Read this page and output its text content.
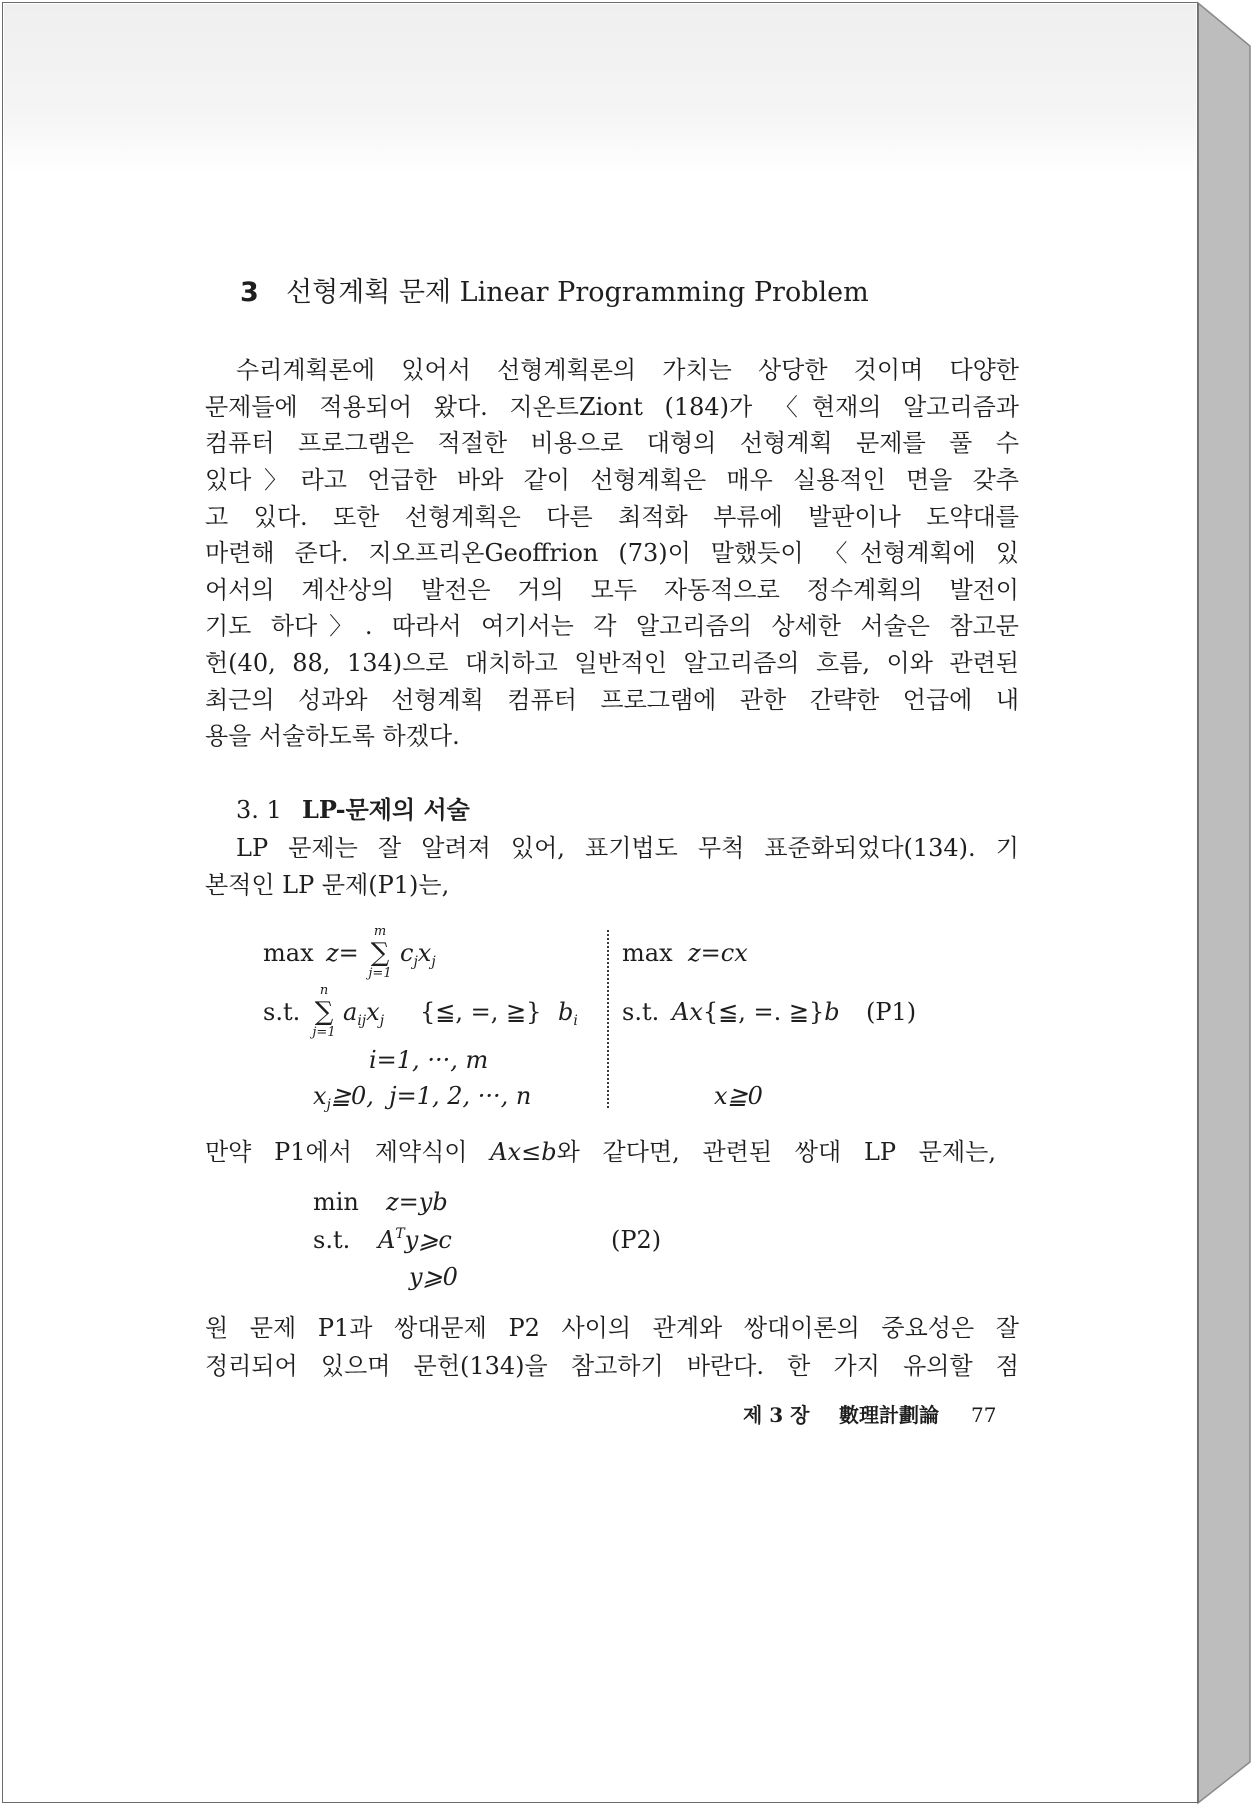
3 선형계획 문제 Linear Programming Problem
수리계획론에 있어서 선형계획론의 가치는 상당한 것이며 다양한
문제들에 적용되어 왔다. 지온트Ziont (184)가 〈현재의 알고리즘과
컴퓨터 프로그램은 적절한 비용으로 대형의 선형계획 문제를 풀 수
있다〉라고 언급한 바와 같이 선형계획은 매우 실용적인 면을 갖추
고 있다. 또한 선형계획은 다른 최적화 부류에 발판이나 도약대를
마련해 준다. 지오프리온Geoffrion (73)이 말했듯이 〈선형계획에 있
어서의 계산상의 발전은 거의 모두 자동적으로 정수계획의 발전이
기도 하다〉. 따라서 여기서는 각 알고리즘의 상세한 서술은 참고문
헌(40, 88, 134)으로 대치하고 일반적인 알고리즘의 흐름, 이와 관련된
최근의 성과와 선형계획 컴퓨터 프로그램에 관한 간략한 언급에 내
용을 서술하도록 하겠다.
3. 1 LP-문제의 서술
LP 문제는 잘 알려져 있어, 표기법도 무척 표준화되었다(134). 기
본적인 LP 문제(P1)는,
max z=
m
∑
j=1
$c_jx_j$
s.t.
n
∑
j=1
$a_{ij}x_j$ {≦, =, ≧} $b_i$
i=1, ···, m
$x_j≧0$,  j=1, 2, ···, n
max z=cx
s.t. Ax{≦, =. ≧}b (P1)
x≧0
만약 P1에서 제약식이 Ax≤b와 같다면, 관련된 쌍대 LP 문제는,
min z=yb
s.t. $A^Ty⩾c$	(P2)
y⩾0
원 문제 P1과 쌍대문제 P2 사이의 관계와 쌍대이론의 중요성은 잘
정리되어 있으며 문헌(134)을 참고하기 바란다. 한 가지 유의할 점
제 3 장 數理計劃論 77
